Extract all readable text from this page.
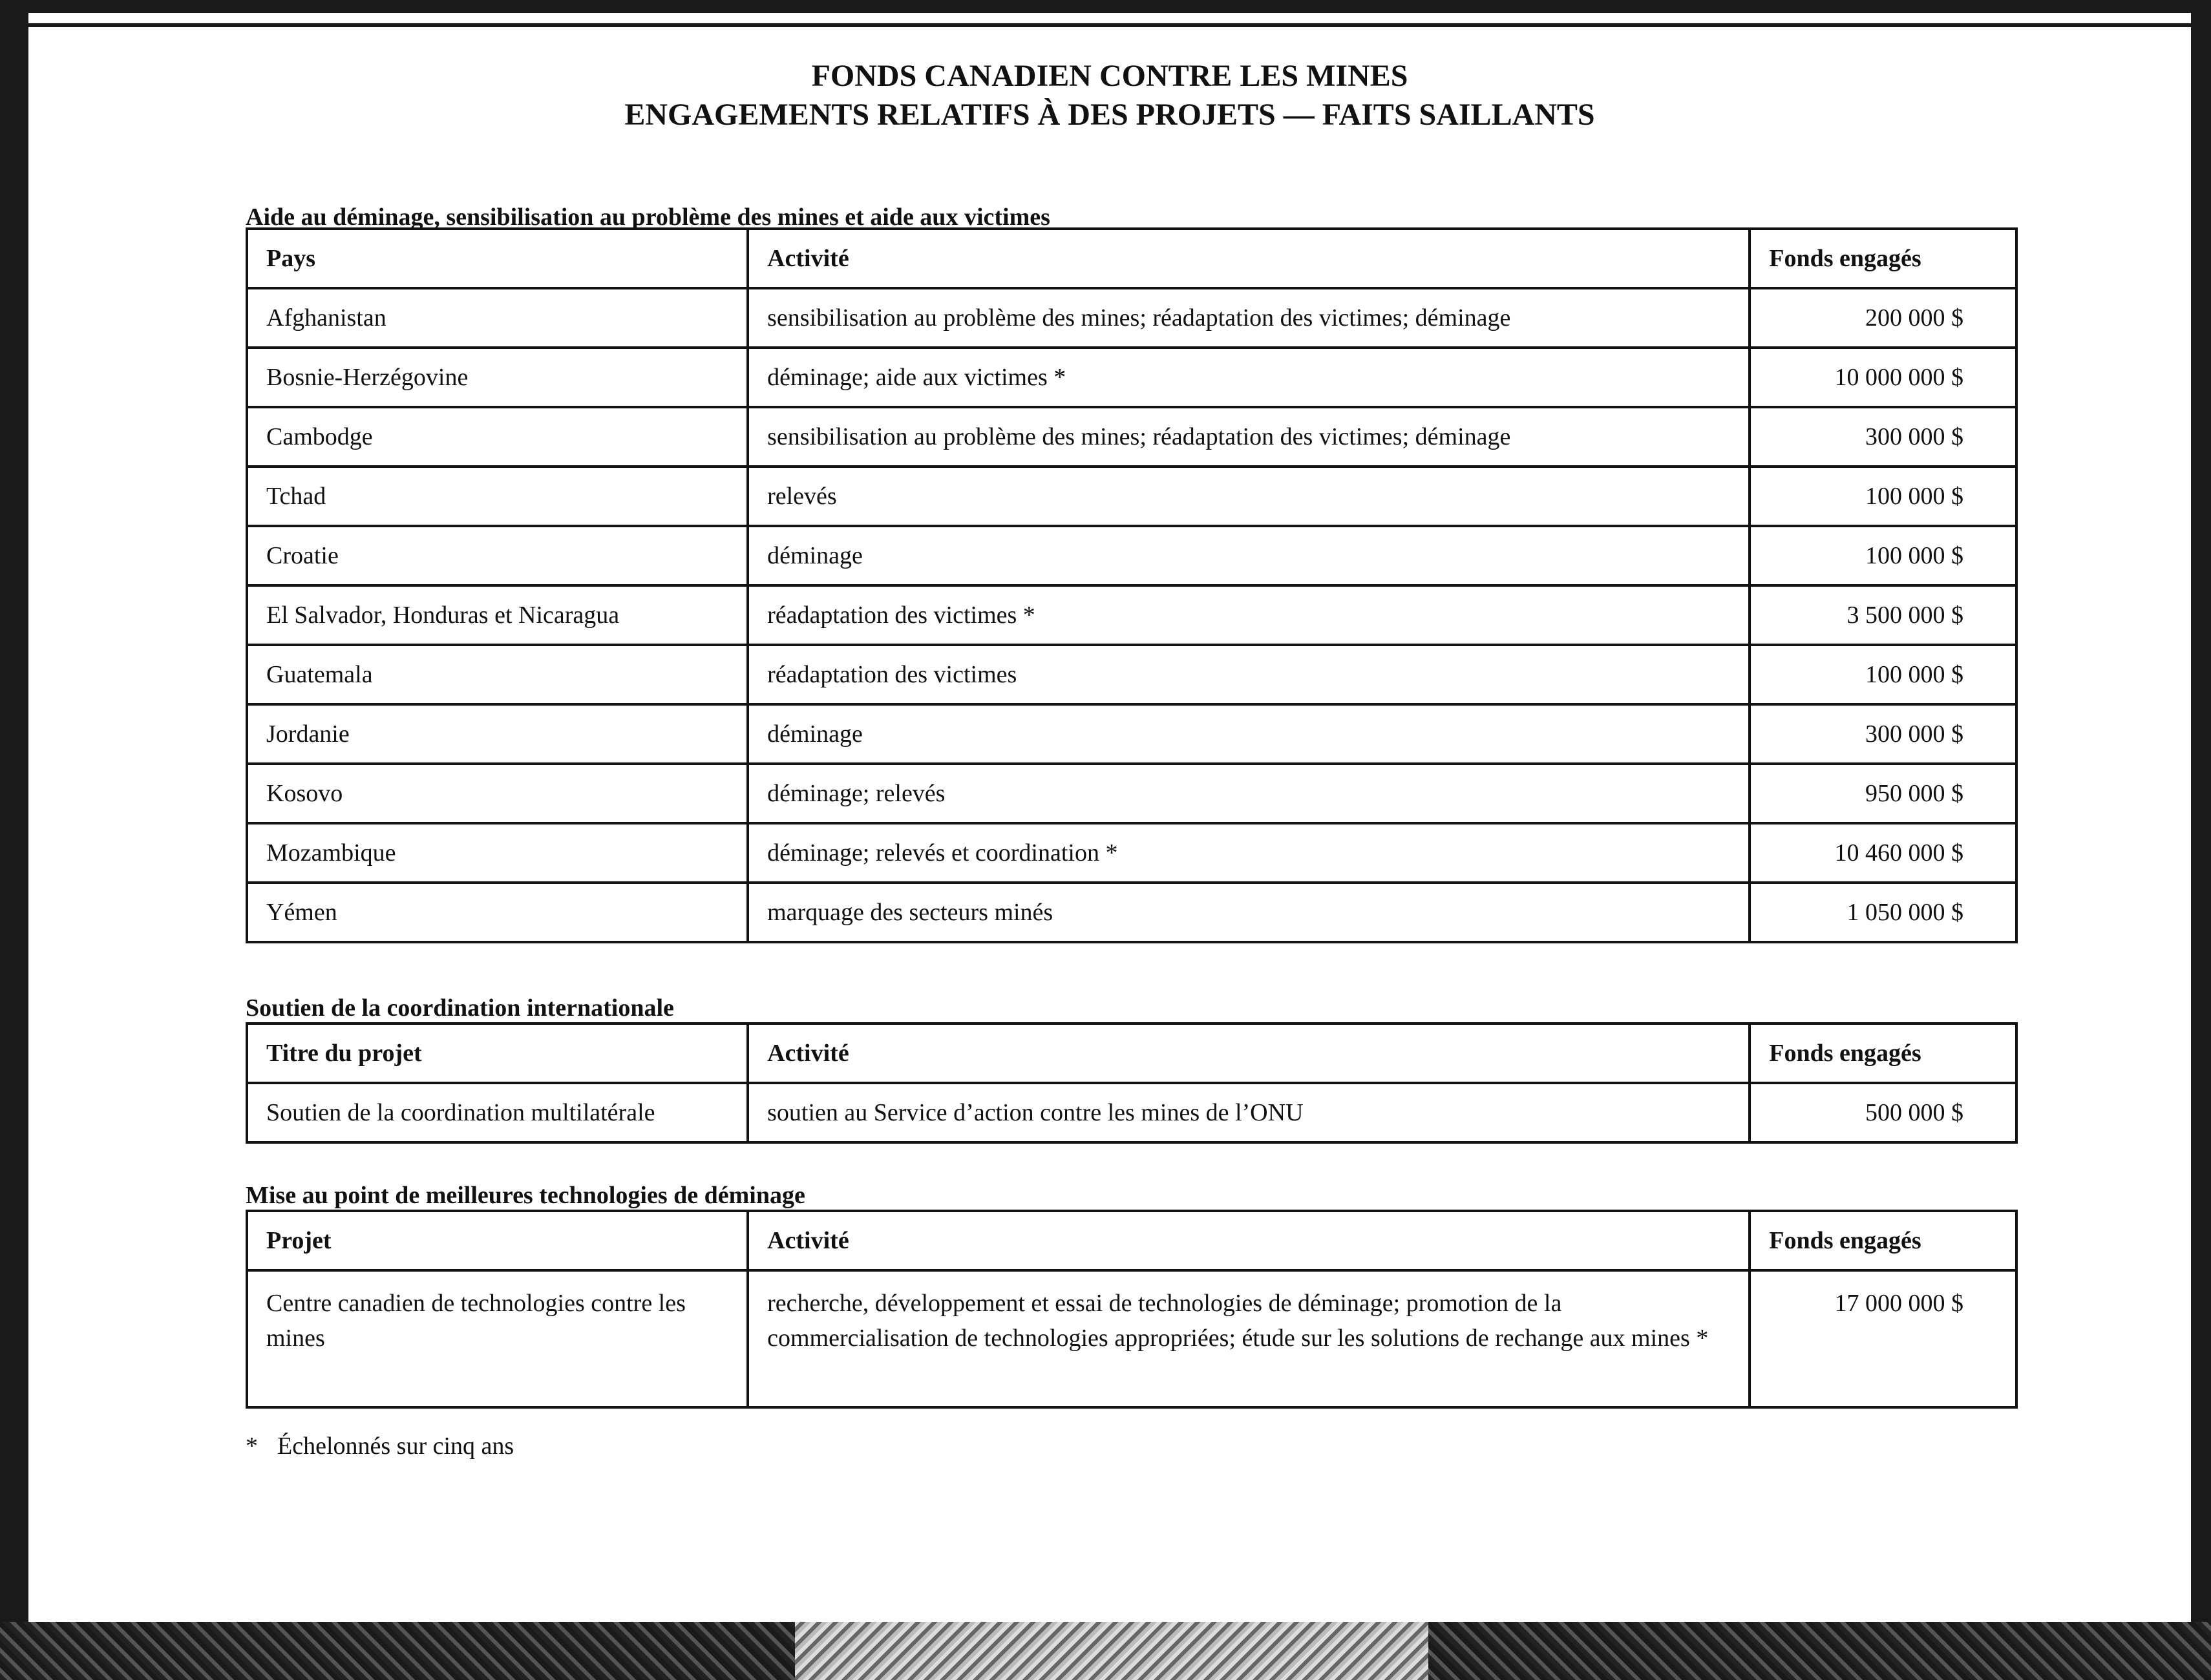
FONDS CANADIEN CONTRE LES MINES
ENGAGEMENTS RELATIFS À DES PROJETS — FAITS SAILLANTS
Aide au déminage, sensibilisation au problème des mines et aide aux victimes
Pays	Activité	Fonds engagés
Afghanistan	sensibilisation au problème des mines; réadaptation des victimes; déminage	200 000 $
Bosnie-Herzégovine	déminage; aide aux victimes *	10 000 000 $
Cambodge	sensibilisation au problème des mines; réadaptation des victimes; déminage	300 000 $
Tchad	relevés	100 000 $
Croatie	déminage	100 000 $
El Salvador, Honduras et Nicaragua	réadaptation des victimes *	3 500 000 $
Guatemala	réadaptation des victimes	100 000 $
Jordanie	déminage	300 000 $
Kosovo	déminage; relevés	950 000 $
Mozambique	déminage; relevés et coordination *	10 460 000 $
Yémen	marquage des secteurs minés	1 050 000 $
Soutien de la coordination internationale
Titre du projet	Activité	Fonds engagés
Soutien de la coordination multilatérale	soutien au Service d’action contre les mines de l’ONU	500 000 $
Mise au point de meilleures technologies de déminage
Projet	Activité	Fonds engagés
Centre canadien de technologies contre les mines	recherche, développement et essai de technologies de déminage; promotion de la commercialisation de technologies appropriées; étude sur les solutions de rechange aux mines *	17 000 000 $
* Échelonnés sur cinq ans
